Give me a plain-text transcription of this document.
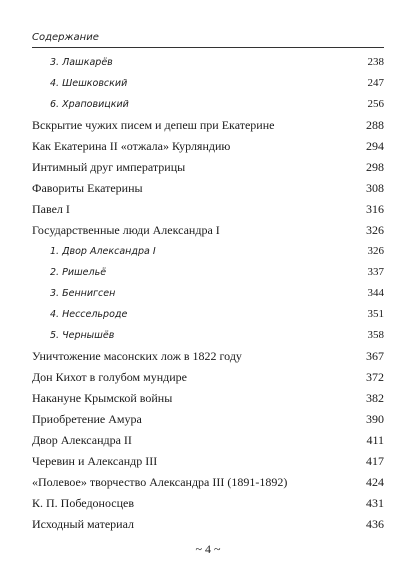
Содержание
3. Лашкарёв	238
4. Шешковский	247
6. Храповицкий	256
Вскрытие чужих писем и депеш при Екатерине	288
Как Екатерина II «отжала» Курляндию	294
Интимный друг императрицы	298
Фавориты Екатерины	308
Павел I	316
Государственные люди Александра I	326
1. Двор Александра I	326
2. Ришельё	337
3. Беннигсен	344
4. Нессельроде	351
5. Чернышёв	358
Уничтожение масонских лож в 1822 году	367
Дон Кихот в голубом мундире	372
Накануне Крымской войны	382
Приобретение Амура	390
Двор Александра II	411
Черевин и Александр III	417
«Полевое» творчество Александра III (1891-1892)	424
К. П. Победоносцев	431
Исходный материал	436
~ 4 ~
